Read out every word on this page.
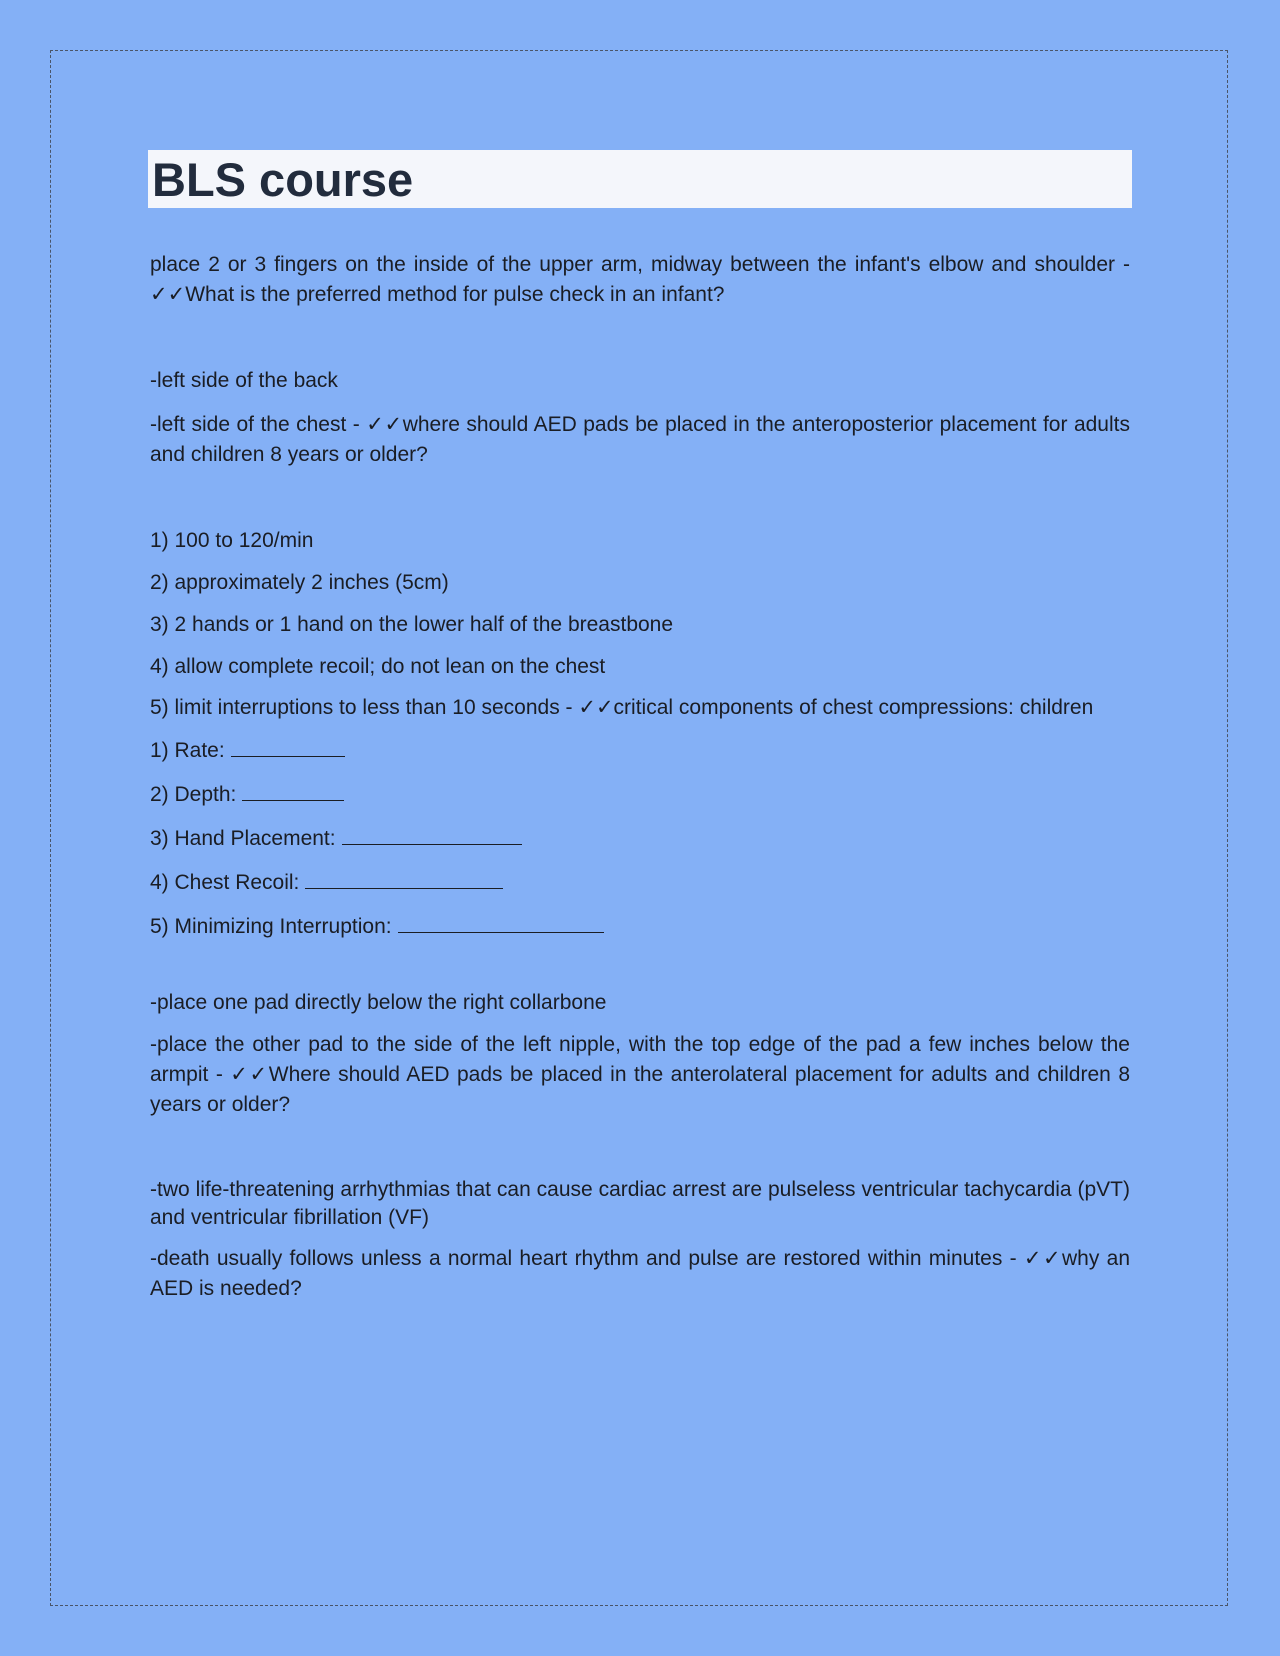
BLS course

place 2 or 3 fingers on the inside of the upper arm, midway between the infant's elbow and shoulder - ✓✓What is the preferred method for pulse check in an infant?

-left side of the back

-left side of the chest - ✓✓where should AED pads be placed in the anteroposterior placement for adults and children 8 years or older?

1) 100 to 120/min

2) approximately 2 inches (5cm)

3) 2 hands or 1 hand on the lower half of the breastbone

4) allow complete recoil; do not lean on the chest

5) limit interruptions to less than 10 seconds - ✓✓critical components of chest compressions: children

1) Rate:

2) Depth:

3) Hand Placement:

4) Chest Recoil:

5) Minimizing Interruption:

-place one pad directly below the right collarbone

-place the other pad to the side of the left nipple, with the top edge of the pad a few inches below the armpit - ✓✓Where should AED pads be placed in the anterolateral placement for adults and children 8 years or older?

-two life-threatening arrhythmias that can cause cardiac arrest are pulseless ventricular tachycardia (pVT) and ventricular fibrillation (VF)

-death usually follows unless a normal heart rhythm and pulse are restored within minutes - ✓✓why an AED is needed?
